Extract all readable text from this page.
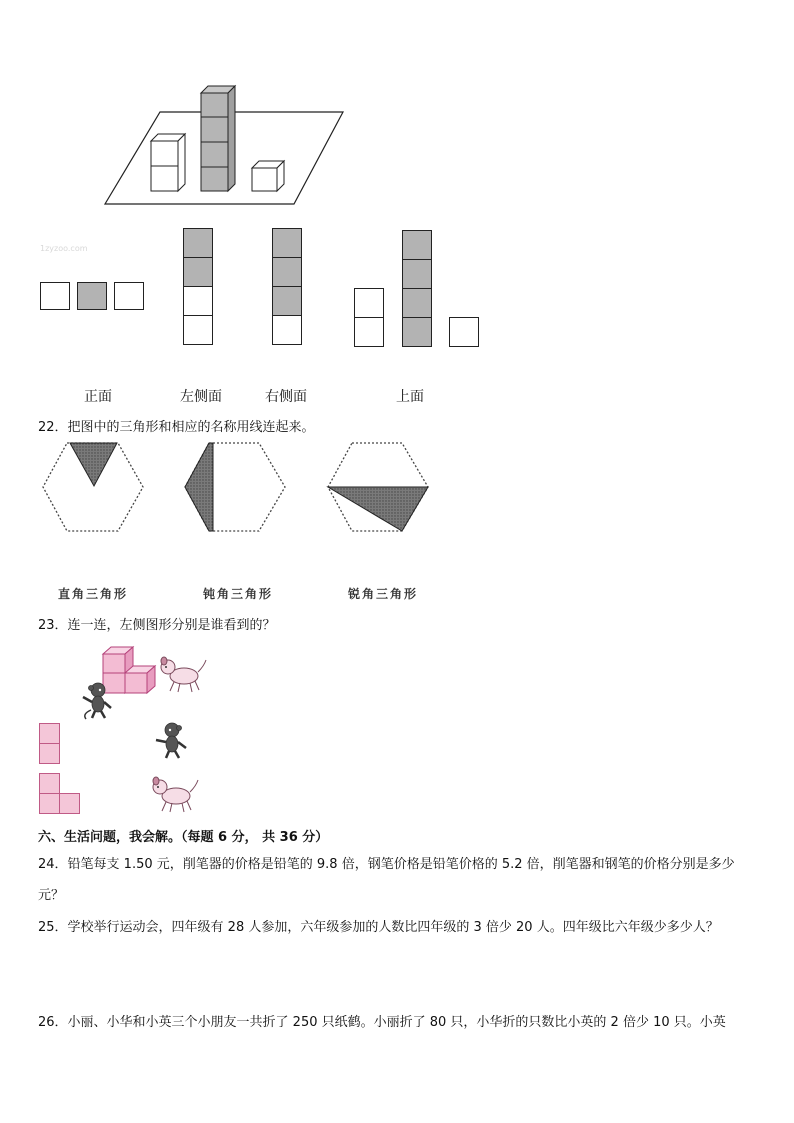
1zyzoo.com
正面	左侧面	右侧面	上面
22．把图中的三角形和相应的名称用线连起来。
直角三角形	钝角三角形	锐角三角形
23．连一连，左侧图形分别是谁看到的？
六、生活问题，我会解。（每题 6 分， 共 36 分）
24．铅笔每支 1.50 元，削笔器的价格是铅笔的 9.8 倍，钢笔价格是铅笔价格的 5.2 倍，削笔器和钢笔的价格分别是多少
元？
25．学校举行运动会，四年级有 28 人参加，六年级参加的人数比四年级的 3 倍少 20 人。四年级比六年级少多少人？
26．小丽、小华和小英三个小朋友一共折了 250 只纸鹤。小丽折了 80 只，小华折的只数比小英的 2 倍少 10 只。小英
